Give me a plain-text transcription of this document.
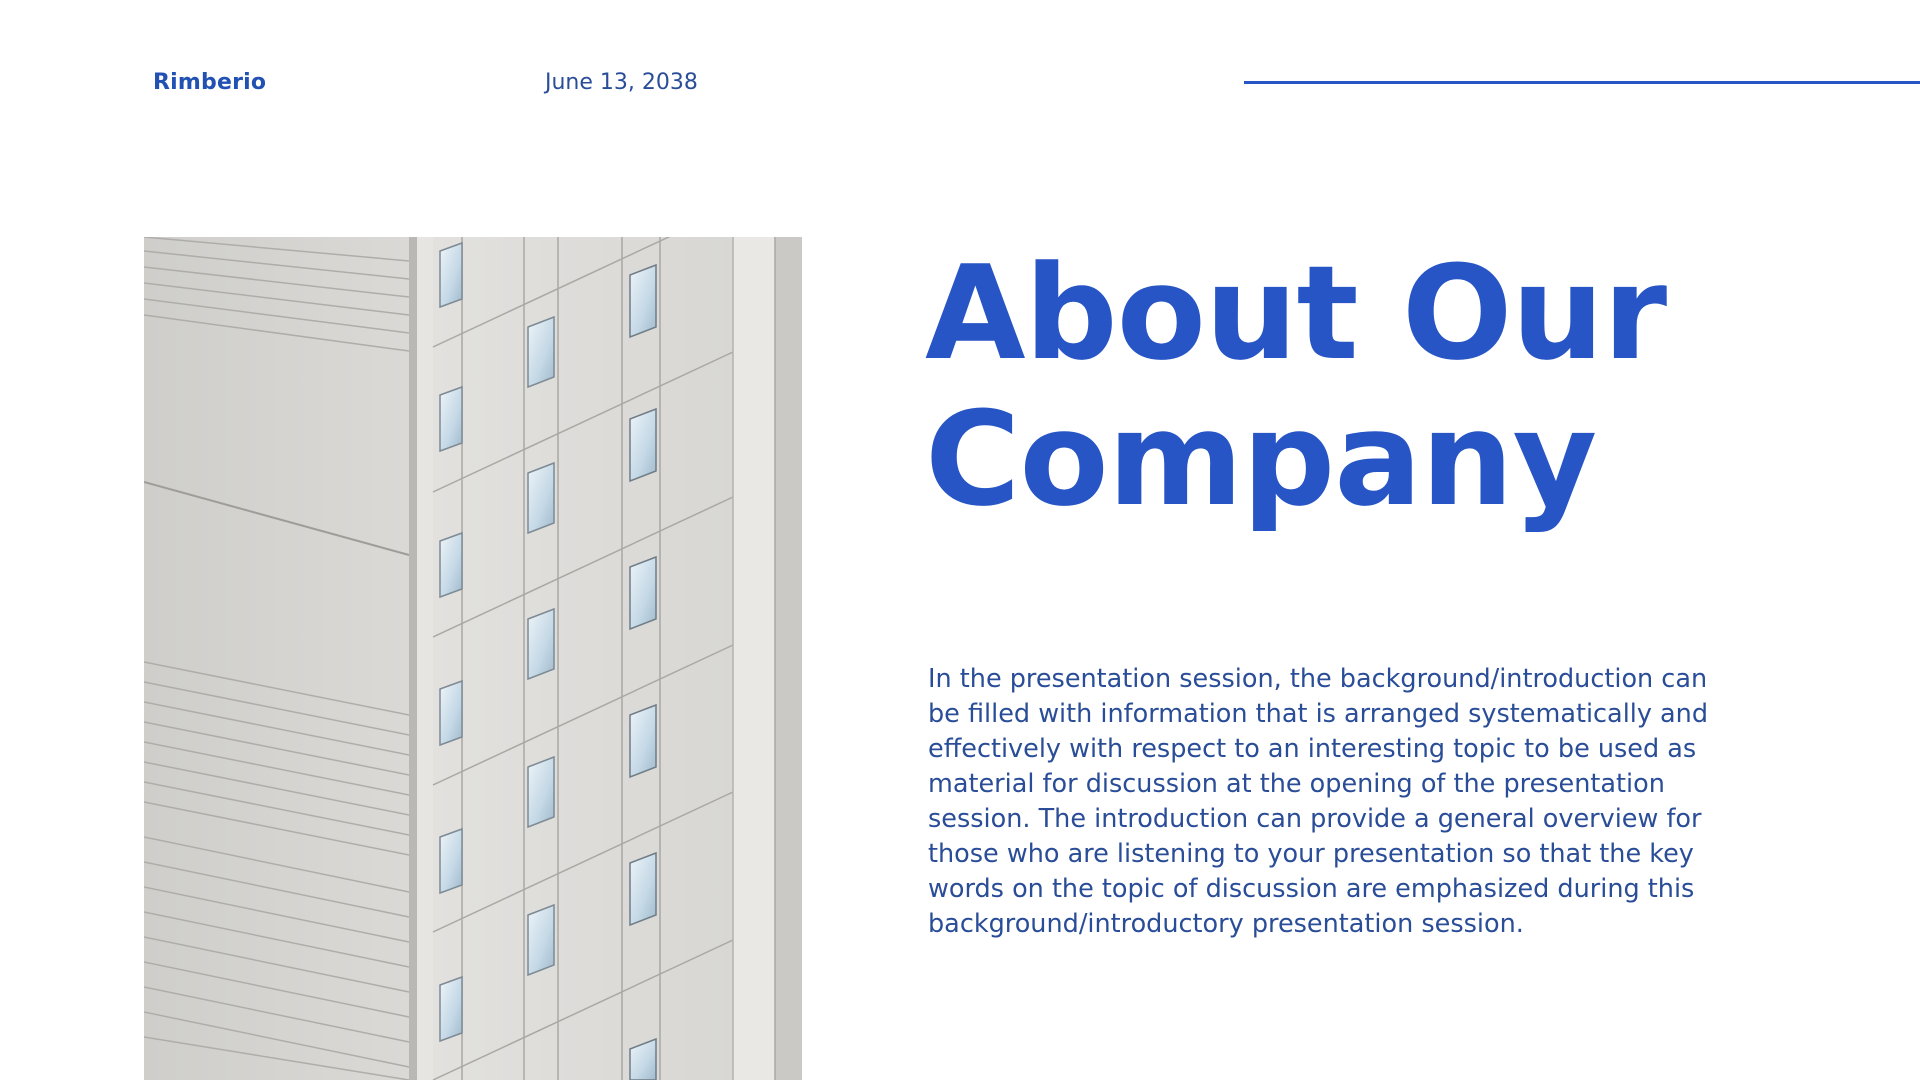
Rimberio	June 13, 2038
About Our
Company

In the presentation session, the background/introduction can be filled with information that is arranged systematically and effectively with respect to an interesting topic to be used as material for discussion at the opening of the presentation session. The introduction can provide a general overview for those who are listening to your presentation so that the key words on the topic of discussion are emphasized during this background/introductory presentation session.
